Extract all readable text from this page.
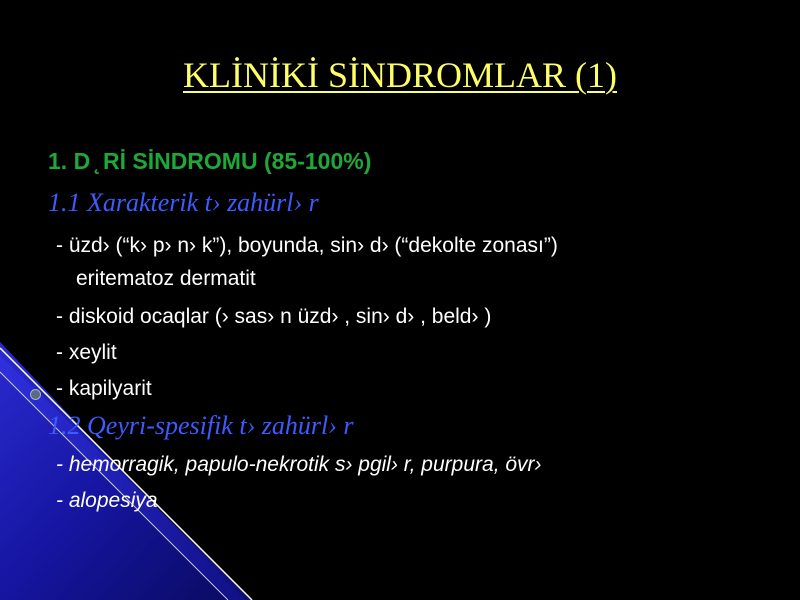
KLİNİKİ SİNDROMLAR (1)
1. D ̨ Rİ SİNDROMU (85-100%)
1.1 Xarakterik t› zahürl› r
- üzd› (“k› p› n› k”), boyunda, sin› d› (“dekolte zonası”)
eritematoz dermatit
- diskoid ocaqlar (› sas› n üzd› , sin› d› , beld› )
- xeylit
- kapilyarit
1.2 Qeyri-spesifik t› zahürl› r
- hemorragik, papulo-nekrotik s› pgil› r, purpura, övr›
- alopesiya
